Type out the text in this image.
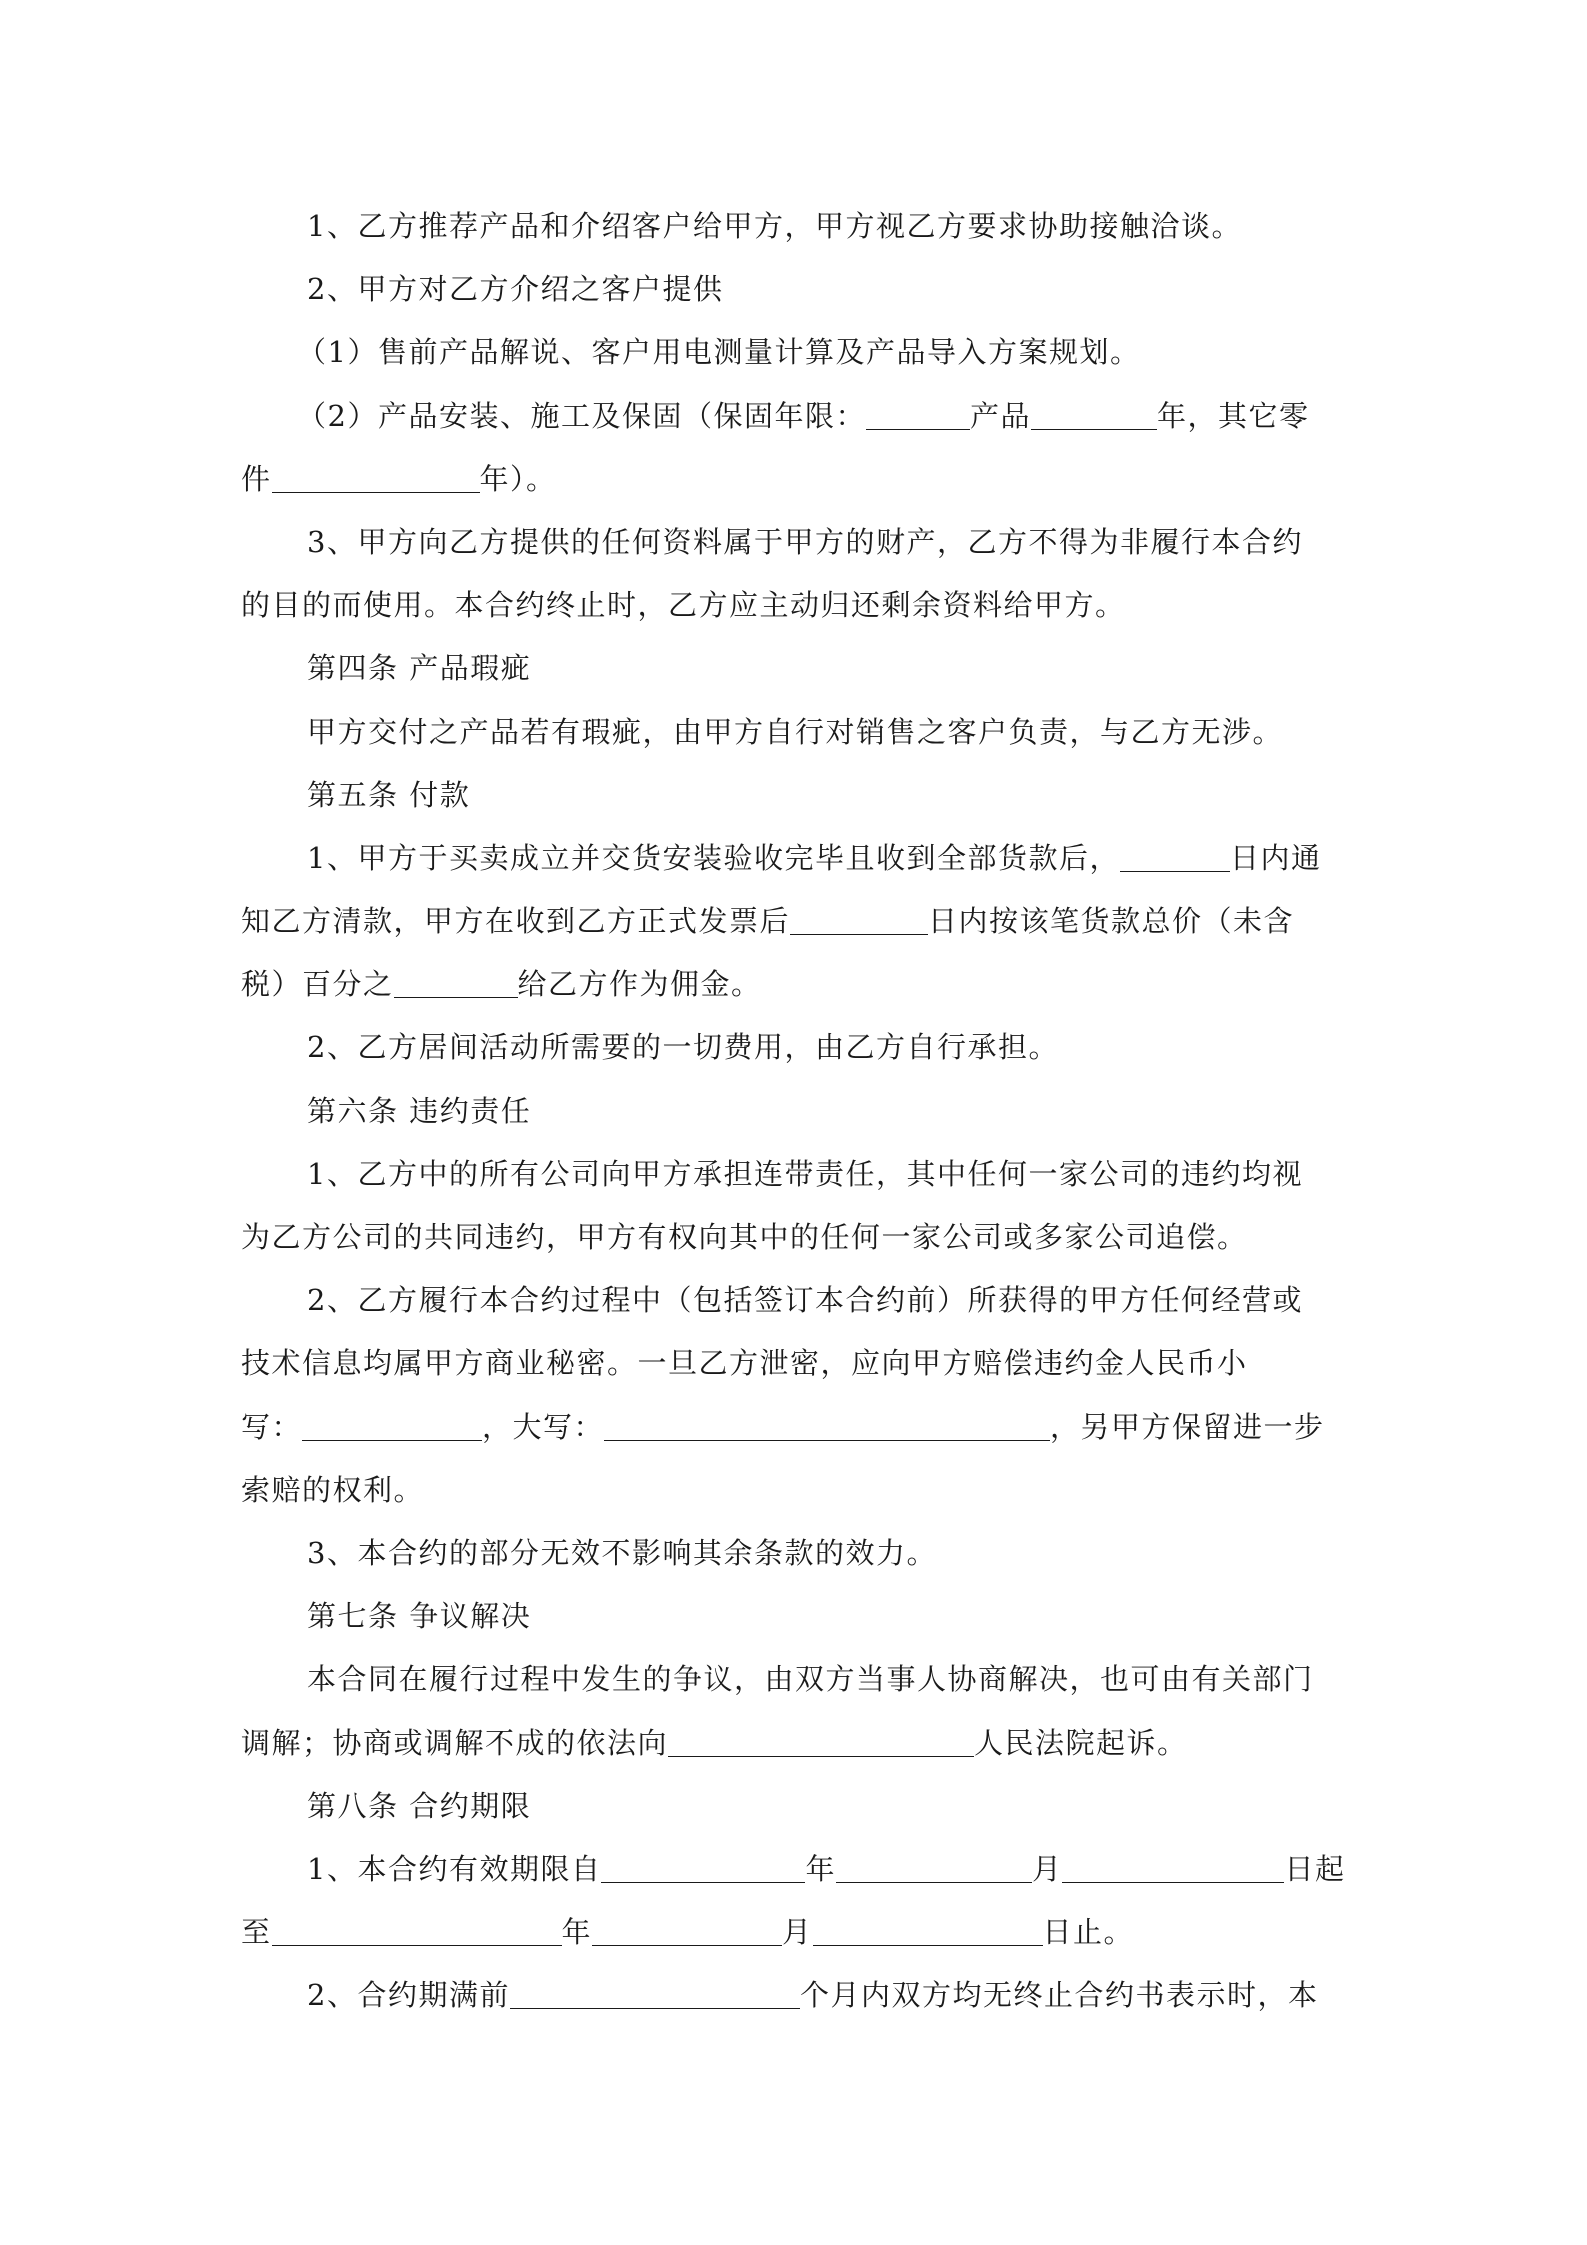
1、乙方推荐产品和介绍客户给甲方，甲方视乙方要求协助接触洽谈。
2、甲方对乙方介绍之客户提供
（1）售前产品解说、客户用电测量计算及产品导入方案规划。
（2）产品安装、施工及保固（保固年限：	产品	年，其它零
件	年）。
3、甲方向乙方提供的任何资料属于甲方的财产，乙方不得为非履行本合约
的目的而使用。本合约终止时，乙方应主动归还剩余资料给甲方。
第四条 产品瑕疵
甲方交付之产品若有瑕疵，由甲方自行对销售之客户负责，与乙方无涉。
第五条 付款
1、甲方于买卖成立并交货安装验收完毕且收到全部货款后，	日内通
知乙方清款，甲方在收到乙方正式发票后	日内按该笔货款总价（未含
税）百分之	给乙方作为佣金。
2、乙方居间活动所需要的一切费用，由乙方自行承担。
第六条 违约责任
1、乙方中的所有公司向甲方承担连带责任，其中任何一家公司的违约均视
为乙方公司的共同违约，甲方有权向其中的任何一家公司或多家公司追偿。
2、乙方履行本合约过程中（包括签订本合约前）所获得的甲方任何经营或
技术信息均属甲方商业秘密。一旦乙方泄密，应向甲方赔偿违约金人民币小
写：	，大写：	，另甲方保留进一步
索赔的权利。
3、本合约的部分无效不影响其余条款的效力。
第七条 争议解决
本合同在履行过程中发生的争议，由双方当事人协商解决，也可由有关部门
调解；协商或调解不成的依法向	人民法院起诉。
第八条 合约期限
1、本合约有效期限自	年	月	日起
至	年	月	日止。
2、合约期满前	个月内双方均无终止合约书表示时，本
